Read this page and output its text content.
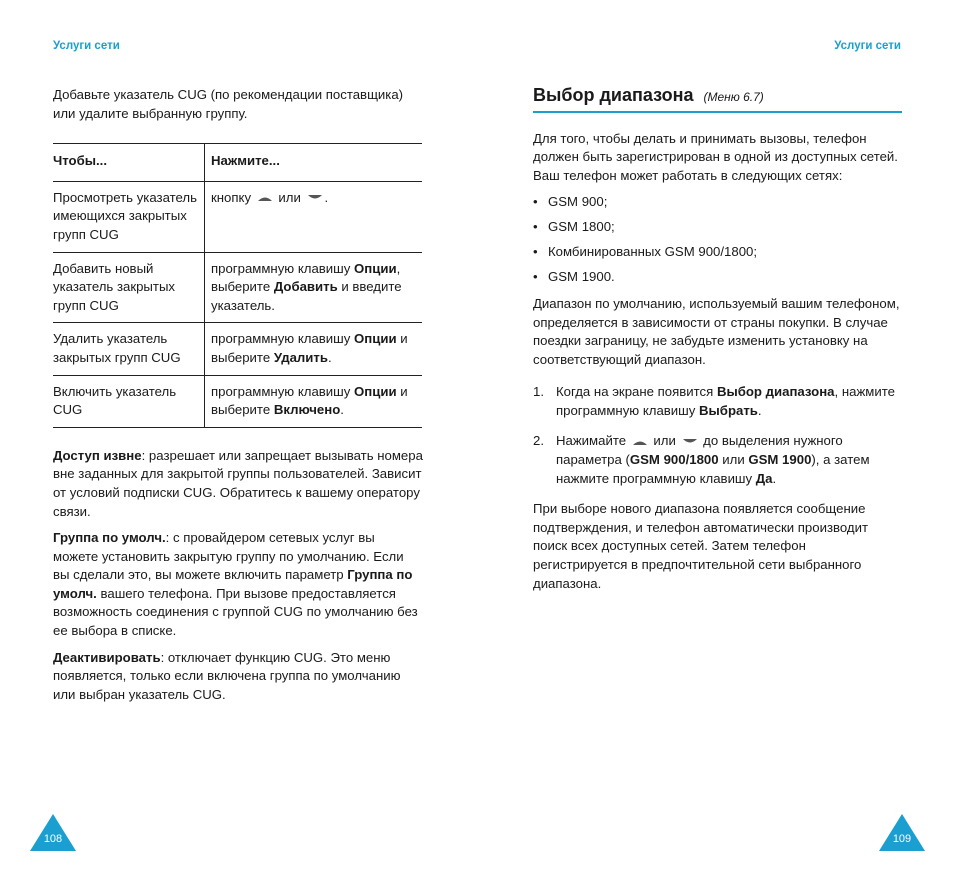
Услуги сети	Услуги сети

Добавьте указатель CUG (по рекомендации поставщика) или удалите выбранную группу.

Чтобы...	Нажмите...
Просмотреть указатель имеющихся закрытых групп CUG	кнопку или .
Добавить новый указатель закрытых групп CUG	программную клавишу Опции, выберите Добавить и введите указатель.
Удалить указатель закрытых групп CUG	программную клавишу Опции и выберите Удалить.
Включить указатель CUG	программную клавишу Опции и выберите Включено.

Доступ извне: разрешает или запрещает вызывать номера вне заданных для закрытой группы пользователей. Зависит от условий подписки CUG. Обратитесь к вашему оператору связи.

Группа по умолч.: с провайдером сетевых услуг вы можете установить закрытую группу по умолчанию. Если вы сделали это, вы можете включить параметр Группа по умолч. вашего телефона. При вызове предоставляется возможность соединения с группой CUG по умолчанию без ее выбора в списке.

Деактивировать: отключает функцию CUG. Это меню появляется, только если включена группа по умолчанию или выбран указатель CUG.

Выбор диапазона (Меню 6.7)

Для того, чтобы делать и принимать вызовы, телефон должен быть зарегистрирован в одной из доступных сетей. Ваш телефон может работать в следующих сетях:

• GSM 900;
• GSM 1800;
• Комбинированных GSM 900/1800;
• GSM 1900.

Диапазон по умолчанию, используемый вашим телефоном, определяется в зависимости от страны покупки. В случае поездки заграницу, не забудьте изменить установку на соответствующий диапазон.

1. Когда на экране появится Выбор диапазона, нажмите программную клавишу Выбрать.
2. Нажимайте или до выделения нужного параметра (GSM 900/1800 или GSM 1900), а затем нажмите программную клавишу Да.

При выборе нового диапазона появляется сообщение подтверждения, и телефон автоматически производит поиск всех доступных сетей. Затем телефон регистрируется в предпочтительной сети выбранного диапазона.

108	109
